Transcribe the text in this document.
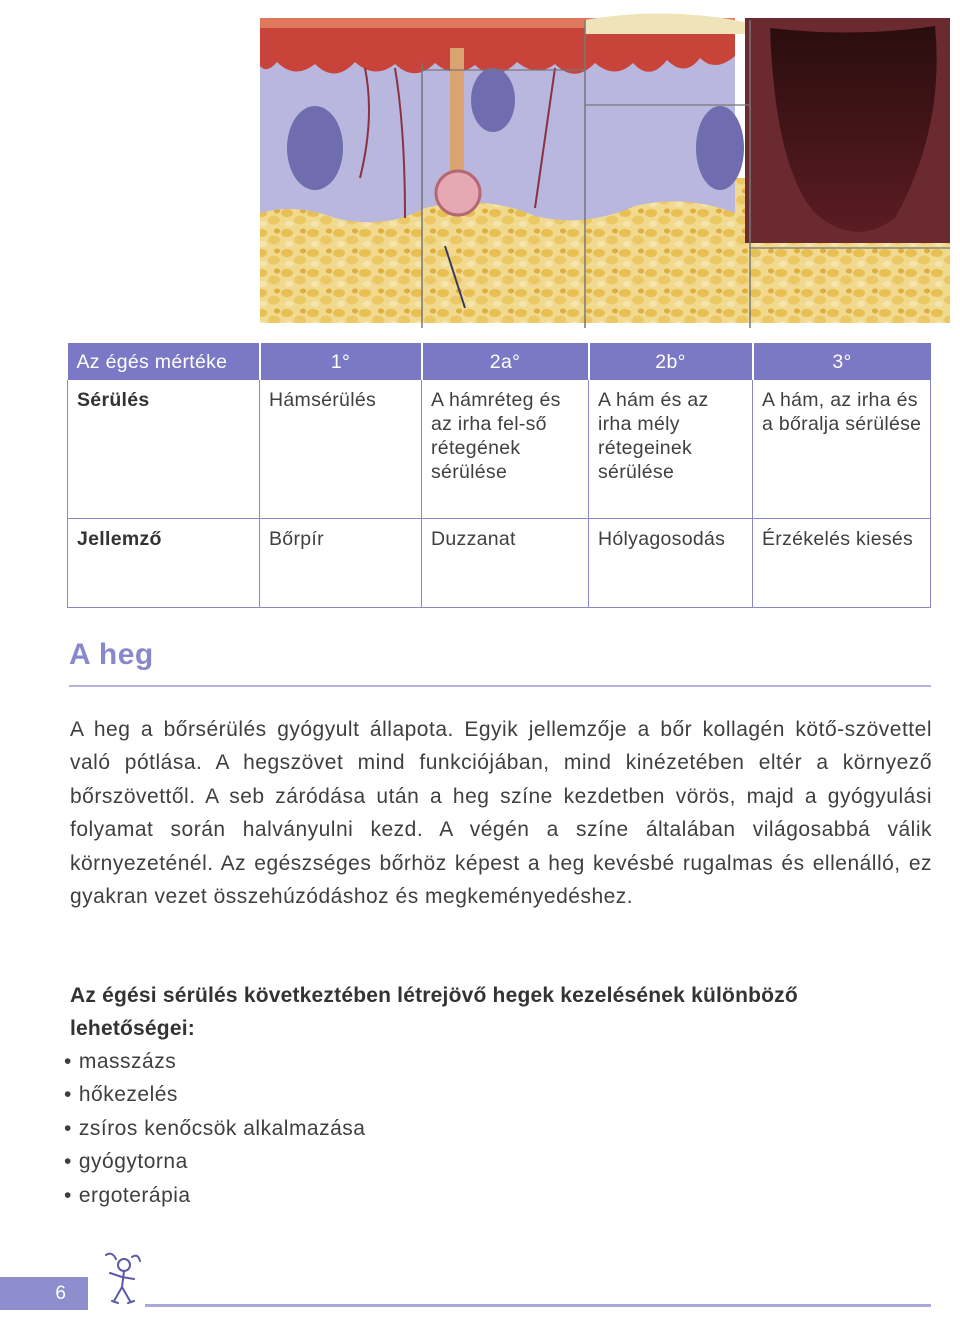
Az égés mértéke	1°	2a°	2b°	3°
Sérülés	Hámsérülés	A hámréteg és az irha fel-ső rétegének sérülése	A hám és az irha mély rétegeinek sérülése	A hám, az irha és a bőralja sérülése
Jellemző	Bőrpír	Duzzanat	Hólyagosodás	Érzékelés kiesés
A heg

A heg a bőrsérülés gyógyult állapota. Egyik jellemzője a bőr kollagén kötő-szövettel való pótlása. A hegszövet mind funkciójában, mind kinézetében eltér a környező bőrszövettől. A seb záródása után a heg színe kezdetben vörös, majd a gyógyulási folyamat során halványulni kezd. A végén a színe általában világosabbá válik környezeténél. Az egészséges bőrhöz képest a heg kevésbé rugalmas és ellenálló, ez gyakran vezet összehúzódáshoz és megkeményedéshez.

Az égési sérülés következtében létrejövő hegek kezelésének különböző lehetőségei:

• masszázs
• hőkezelés
• zsíros kenőcsök alkalmazása
• gyógytorna
• ergoterápia
6
